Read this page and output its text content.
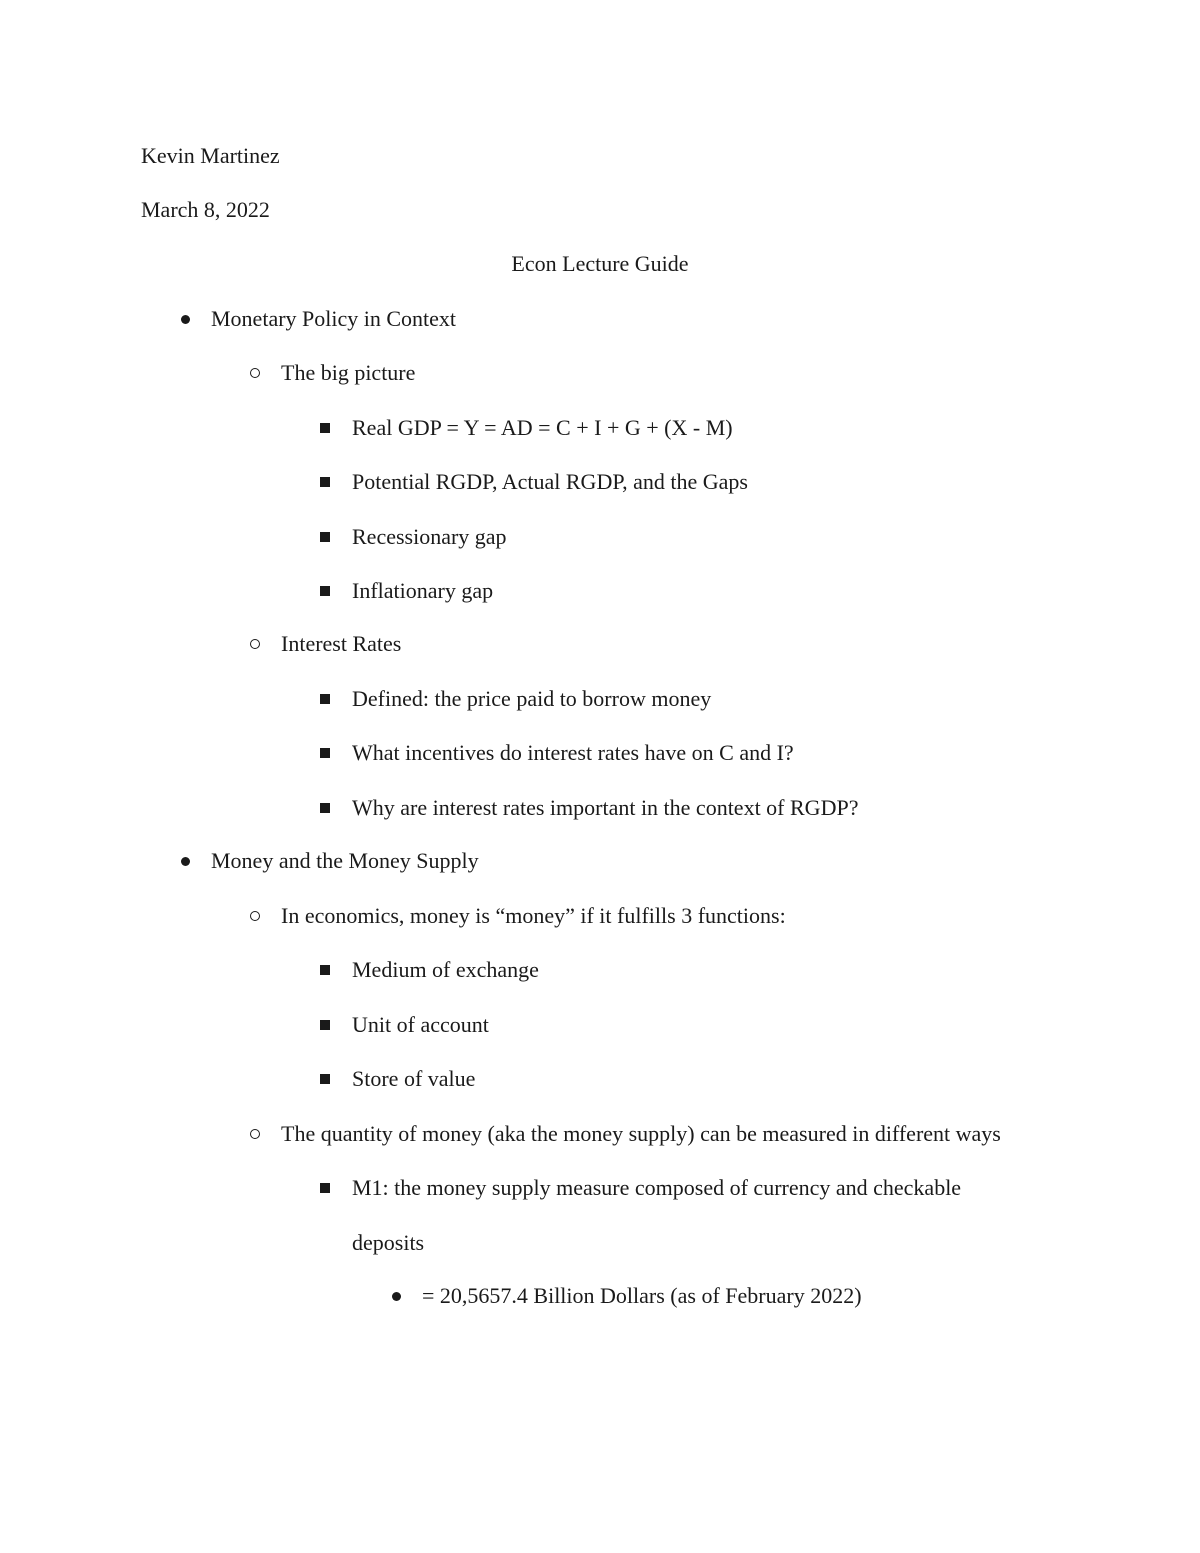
Kevin Martinez
March 8, 2022
Econ Lecture Guide
Monetary Policy in Context
The big picture
Real GDP = Y = AD = C + I + G + (X - M)
Potential RGDP, Actual RGDP, and the Gaps
Recessionary gap
Inflationary gap
Interest Rates
Defined: the price paid to borrow money
What incentives do interest rates have on C and I?
Why are interest rates important in the context of RGDP?
Money and the Money Supply
In economics, money is “money” if it fulfills 3 functions:
Medium of exchange
Unit of account
Store of value
The quantity of money (aka the money supply) can be measured in different ways
M1: the money supply measure composed of currency and checkable
deposits
= 20,5657.4 Billion Dollars (as of February 2022)
